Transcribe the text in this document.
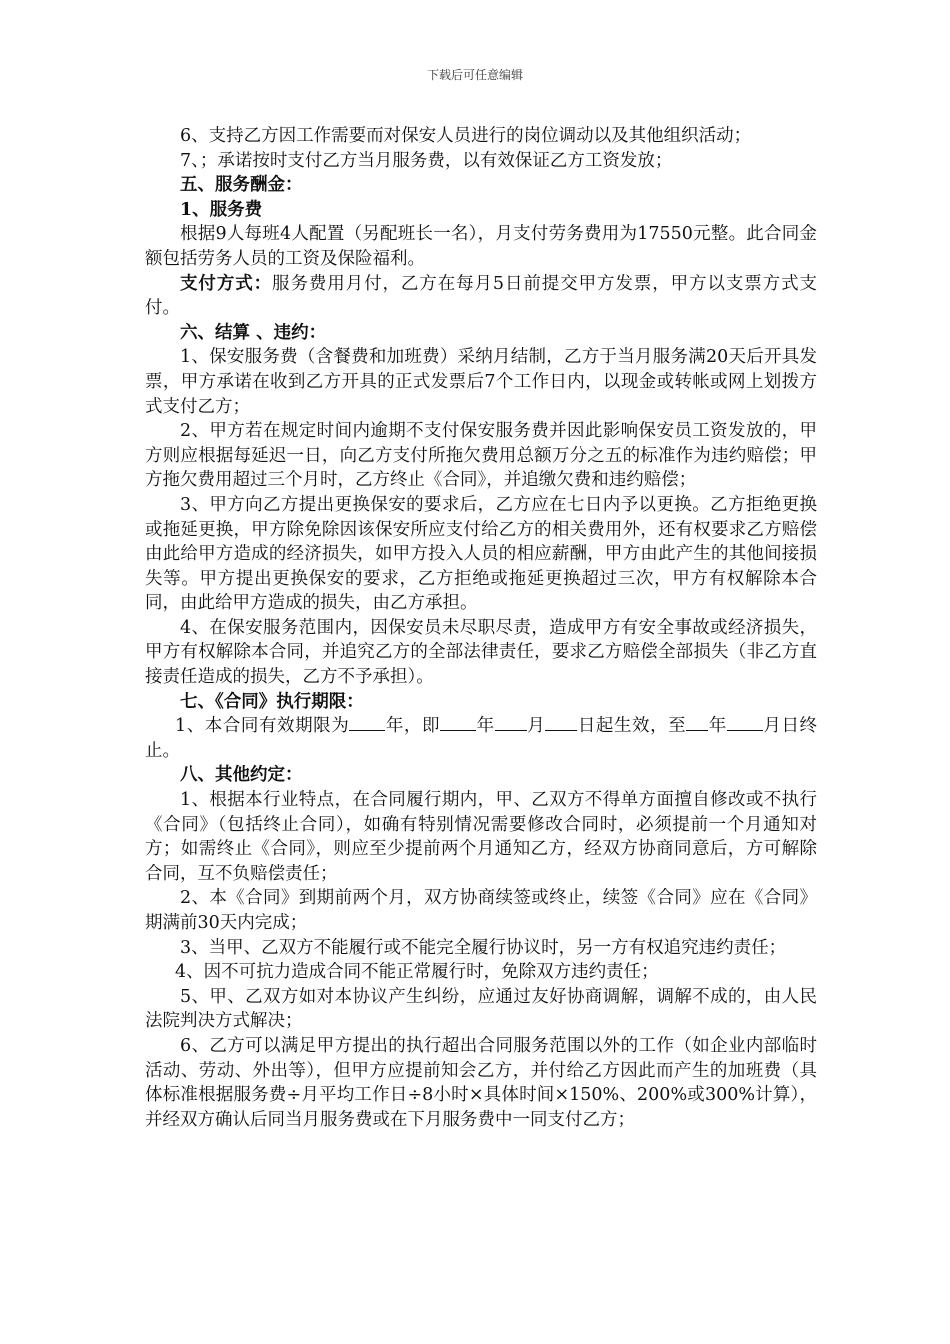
下载后可任意编辑

6、支持乙方因工作需要而对保安人员进行的岗位调动以及其他组织活动；

7、；承诺按时支付乙方当月服务费，以有效保证乙方工资发放；

五、服务酬金：

1、服务费

根据9人每班4人配置（另配班长一名），月支付劳务费用为17550元整。此合同金额包括劳务人员的工资及保险福利。

支付方式：服务费用月付，乙方在每月5日前提交甲方发票，甲方以支票方式支付。

六、结算 、违约：

1、保安服务费（含餐费和加班费）采纳月结制，乙方于当月服务满20天后开具发票，甲方承诺在收到乙方开具的正式发票后7个工作日内，以现金或转帐或网上划拨方式支付乙方；

2、甲方若在规定时间内逾期不支付保安服务费并因此影响保安员工资发放的，甲方则应根据每延迟一日，向乙方支付所拖欠费用总额万分之五的标准作为违约赔偿；甲方拖欠费用超过三个月时，乙方终止《合同》，并追缴欠费和违约赔偿；

3、甲方向乙方提出更换保安的要求后，乙方应在七日内予以更换。乙方拒绝更换或拖延更换，甲方除免除因该保安所应支付给乙方的相关费用外，还有权要求乙方赔偿由此给甲方造成的经济损失，如甲方投入人员的相应薪酬，甲方由此产生的其他间接损失等。甲方提出更换保安的要求，乙方拒绝或拖延更换超过三次，甲方有权解除本合同，由此给甲方造成的损失，由乙方承担。

4、在保安服务范围内，因保安员未尽职尽责，造成甲方有安全事故或经济损失，甲方有权解除本合同，并追究乙方的全部法律责任，要求乙方赔偿全部损失（非乙方直接责任造成的损失，乙方不予承担）。

七、《合同》执行期限：

1、本合同有效期限为 年，即 年 月 日起生效，至 年 月日终止。

八、其他约定：

1、根据本行业特点，在合同履行期内，甲、乙双方不得单方面擅自修改或不执行《合同》（包括终止合同），如确有特别情况需要修改合同时，必须提前一个月通知对方；如需终止《合同》，则应至少提前两个月通知乙方，经双方协商同意后，方可解除合同，互不负赔偿责任；

2、本《合同》到期前两个月，双方协商续签或终止，续签《合同》应在《合同》期满前30天内完成；

3、当甲、乙双方不能履行或不能完全履行协议时，另一方有权追究违约责任；

4、因不可抗力造成合同不能正常履行时，免除双方违约责任；

5、甲、乙双方如对本协议产生纠纷，应通过友好协商调解，调解不成的，由人民法院判决方式解决；

6、乙方可以满足甲方提出的执行超出合同服务范围以外的工作（如企业内部临时活动、劳动、外出等），但甲方应提前知会乙方，并付给乙方因此而产生的加班费（具体标准根据服务费÷月平均工作日÷8小时×具体时间×150%、200%或300%计算），并经双方确认后同当月服务费或在下月服务费中一同支付乙方；
